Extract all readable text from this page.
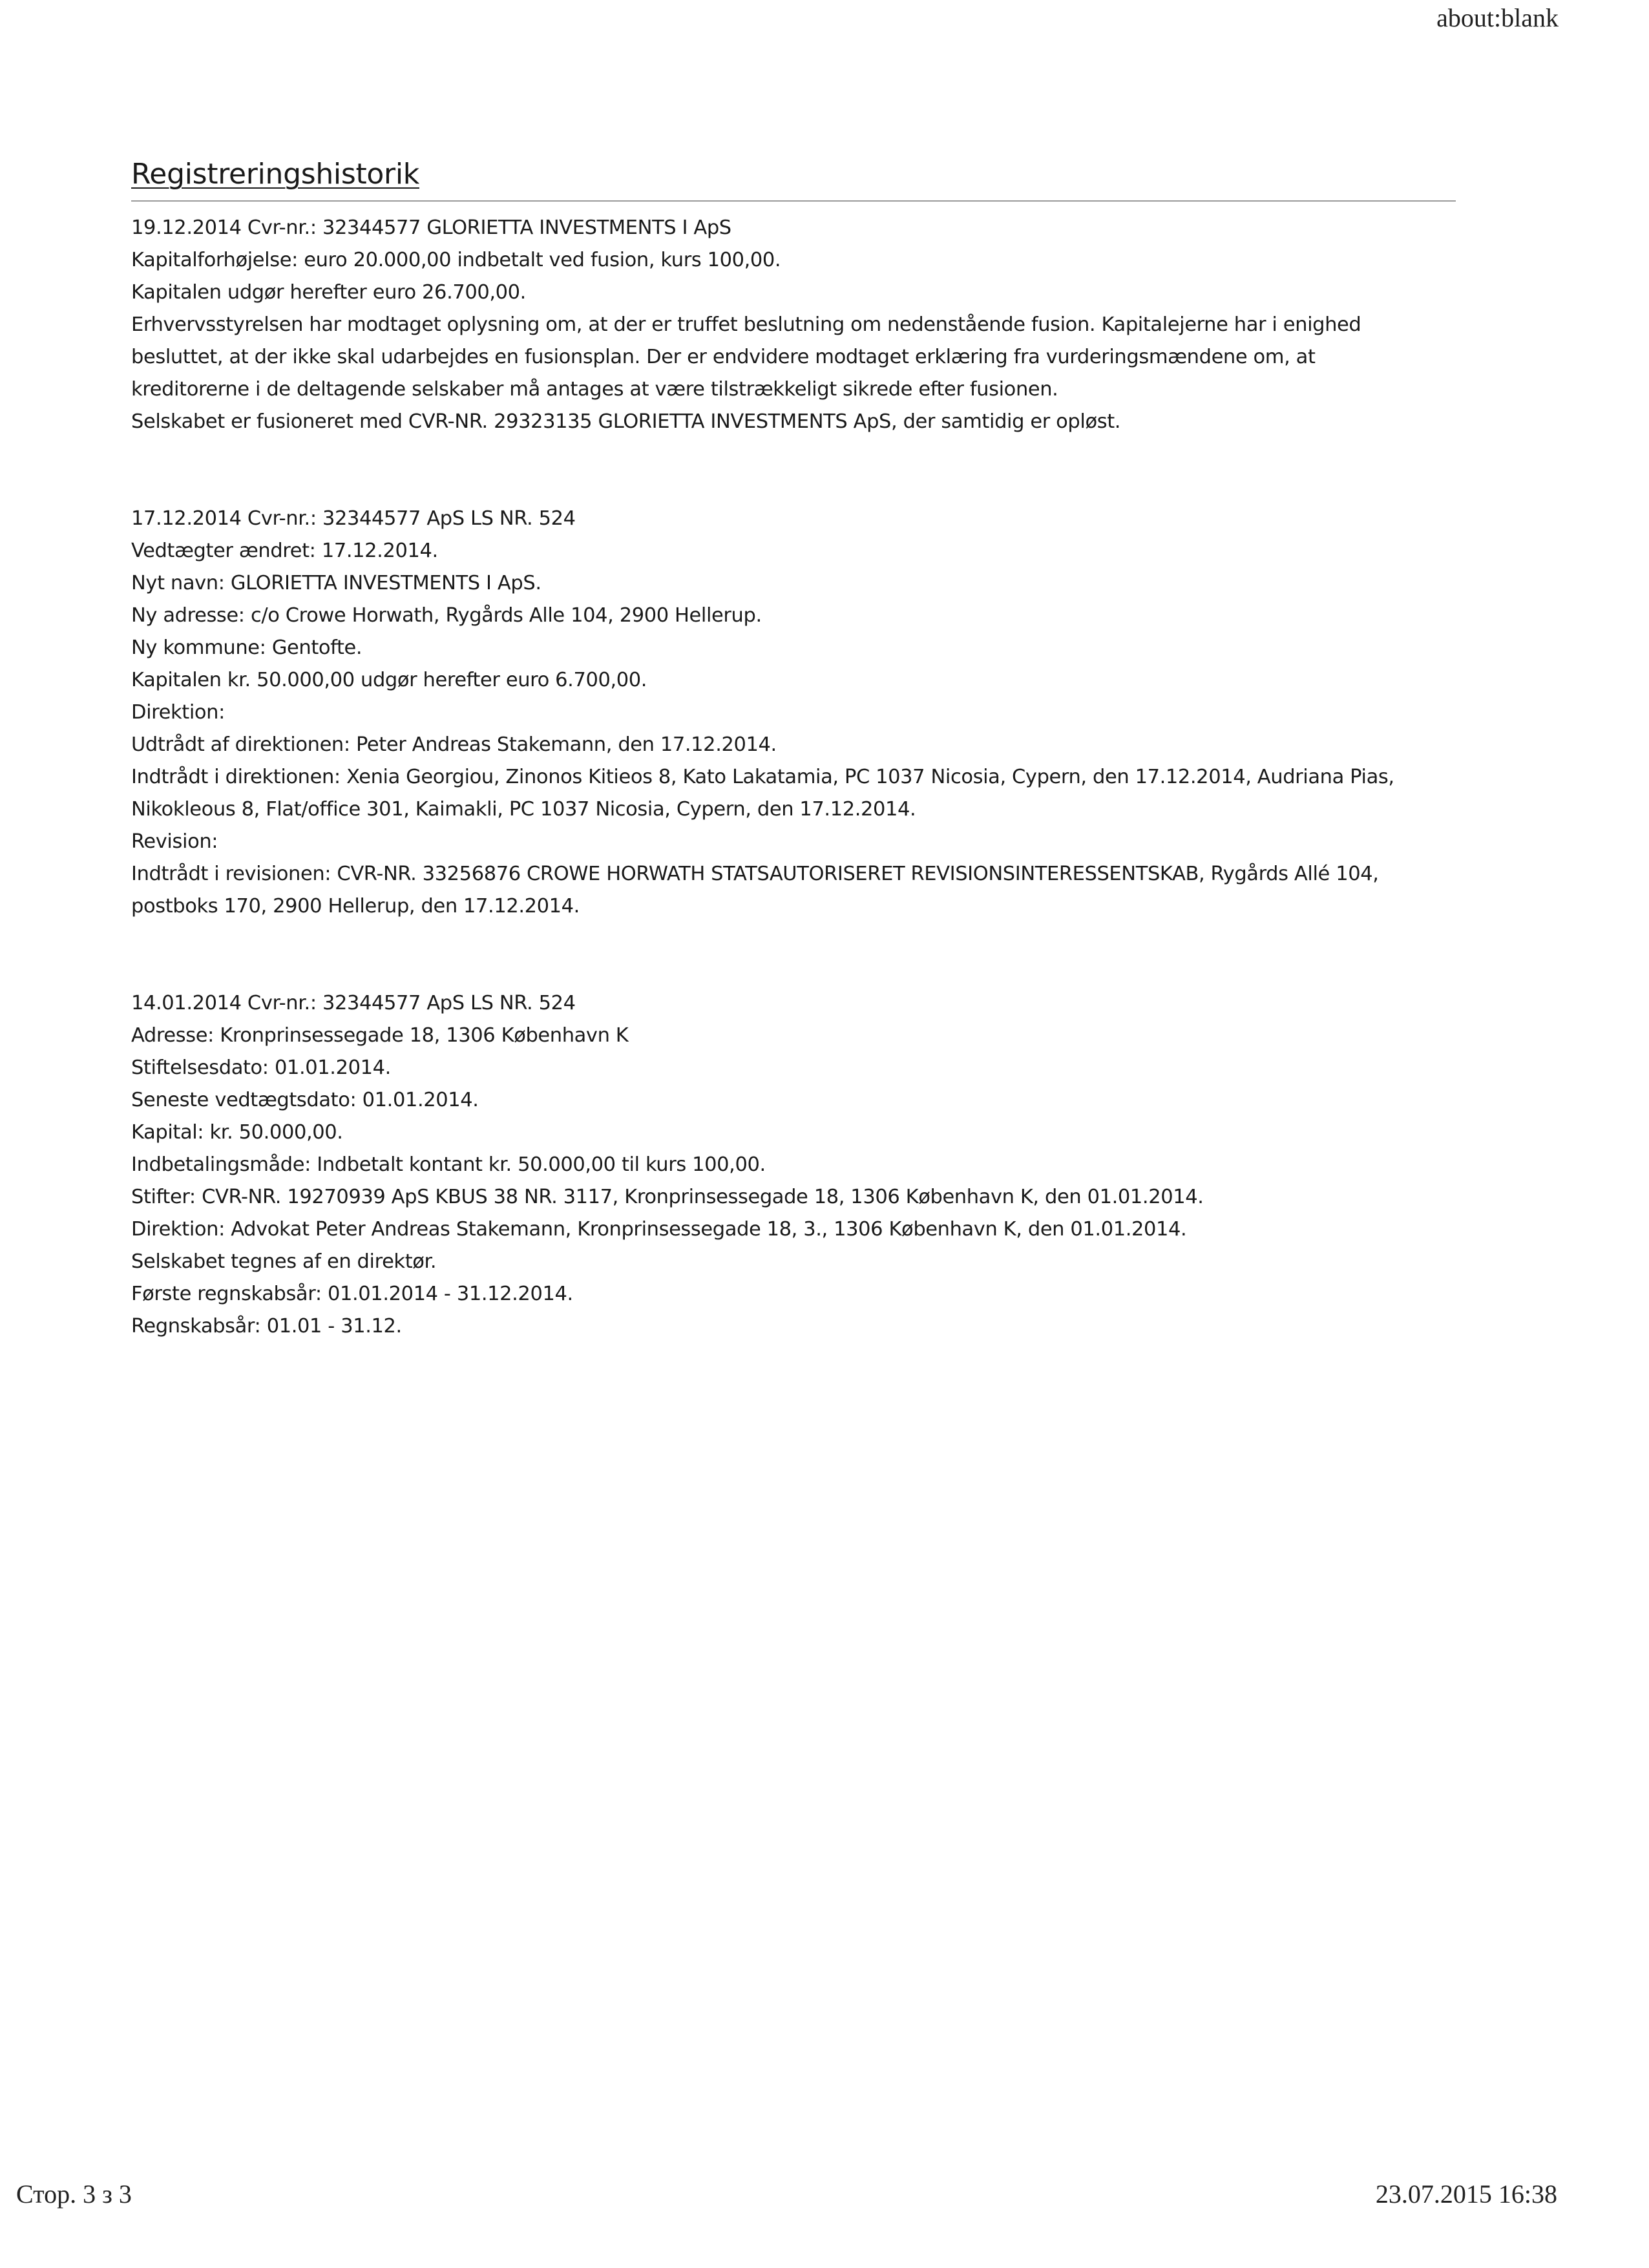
about:blank
Registreringshistorik
19.12.2014 Cvr-nr.: 32344577 GLORIETTA INVESTMENTS I ApS
Kapitalforhøjelse: euro 20.000,00 indbetalt ved fusion, kurs 100,00.
Kapitalen udgør herefter euro 26.700,00.
Erhvervsstyrelsen har modtaget oplysning om, at der er truffet beslutning om nedenstående fusion. Kapitalejerne har i enighed
besluttet, at der ikke skal udarbejdes en fusionsplan. Der er endvidere modtaget erklæring fra vurderingsmændene om, at
kreditorerne i de deltagende selskaber må antages at være tilstrækkeligt sikrede efter fusionen.
Selskabet er fusioneret med CVR-NR. 29323135 GLORIETTA INVESTMENTS ApS, der samtidig er opløst.
17.12.2014 Cvr-nr.: 32344577 ApS LS NR. 524
Vedtægter ændret: 17.12.2014.
Nyt navn: GLORIETTA INVESTMENTS I ApS.
Ny adresse: c/o Crowe Horwath, Rygårds Alle 104, 2900 Hellerup.
Ny kommune: Gentofte.
Kapitalen kr. 50.000,00 udgør herefter euro 6.700,00.
Direktion:
Udtrådt af direktionen: Peter Andreas Stakemann, den 17.12.2014.
Indtrådt i direktionen: Xenia Georgiou, Zinonos Kitieos 8, Kato Lakatamia, PC 1037 Nicosia, Cypern, den 17.12.2014, Audriana Pias,
Nikokleous 8, Flat/office 301, Kaimakli, PC 1037 Nicosia, Cypern, den 17.12.2014.
Revision:
Indtrådt i revisionen: CVR-NR. 33256876 CROWE HORWATH STATSAUTORISERET REVISIONSINTERESSENTSKAB, Rygårds Allé 104,
postboks 170, 2900 Hellerup, den 17.12.2014.
14.01.2014 Cvr-nr.: 32344577 ApS LS NR. 524
Adresse: Kronprinsessegade 18, 1306 København K
Stiftelsesdato: 01.01.2014.
Seneste vedtægtsdato: 01.01.2014.
Kapital: kr. 50.000,00.
Indbetalingsmåde: Indbetalt kontant kr. 50.000,00 til kurs 100,00.
Stifter: CVR-NR. 19270939 ApS KBUS 38 NR. 3117, Kronprinsessegade 18, 1306 København K, den 01.01.2014.
Direktion: Advokat Peter Andreas Stakemann, Kronprinsessegade 18, 3., 1306 København K, den 01.01.2014.
Selskabet tegnes af en direktør.
Første regnskabsår: 01.01.2014 - 31.12.2014.
Regnskabsår: 01.01 - 31.12.
Стор. 3 з 3	23.07.2015 16:38
